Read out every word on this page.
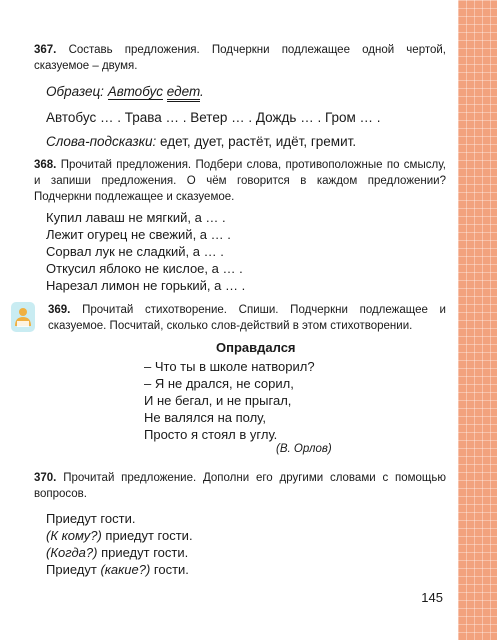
367. Составь предложения. Подчеркни подлежащее одной чертой, сказуемое – двумя.
Образец: Автобус едет.
Автобус … . Трава … . Ветер … . Дождь … . Гром … .
Слова-подсказки: едет, дует, растёт, идёт, гремит.
368. Прочитай предложения. Подбери слова, противоположные по смыслу, и запиши предложения. О чём говорится в каждом предложении? Подчеркни подлежащее и сказуемое.
Купил лаваш не мягкий, а … .
Лежит огурец не свежий, а … .
Сорвал лук не сладкий, а … .
Откусил яблоко не кислое, а … .
Нарезал лимон не горький, а … .
369. Прочитай стихотворение. Спиши. Подчеркни подлежащее и сказуемое. Посчитай, сколько слов-действий в этом стихотворении.
Оправдался
– Что ты в школе натворил?
– Я не дрался, не сорил,
И не бегал, и не прыгал,
Не валялся на полу,
Просто я стоял в углу.
(В. Орлов)
370. Прочитай предложение. Дополни его другими словами с помощью вопросов.
Приедут гости.
(К кому?) приедут гости.
(Когда?) приедут гости.
Приедут (какие?) гости.
145
